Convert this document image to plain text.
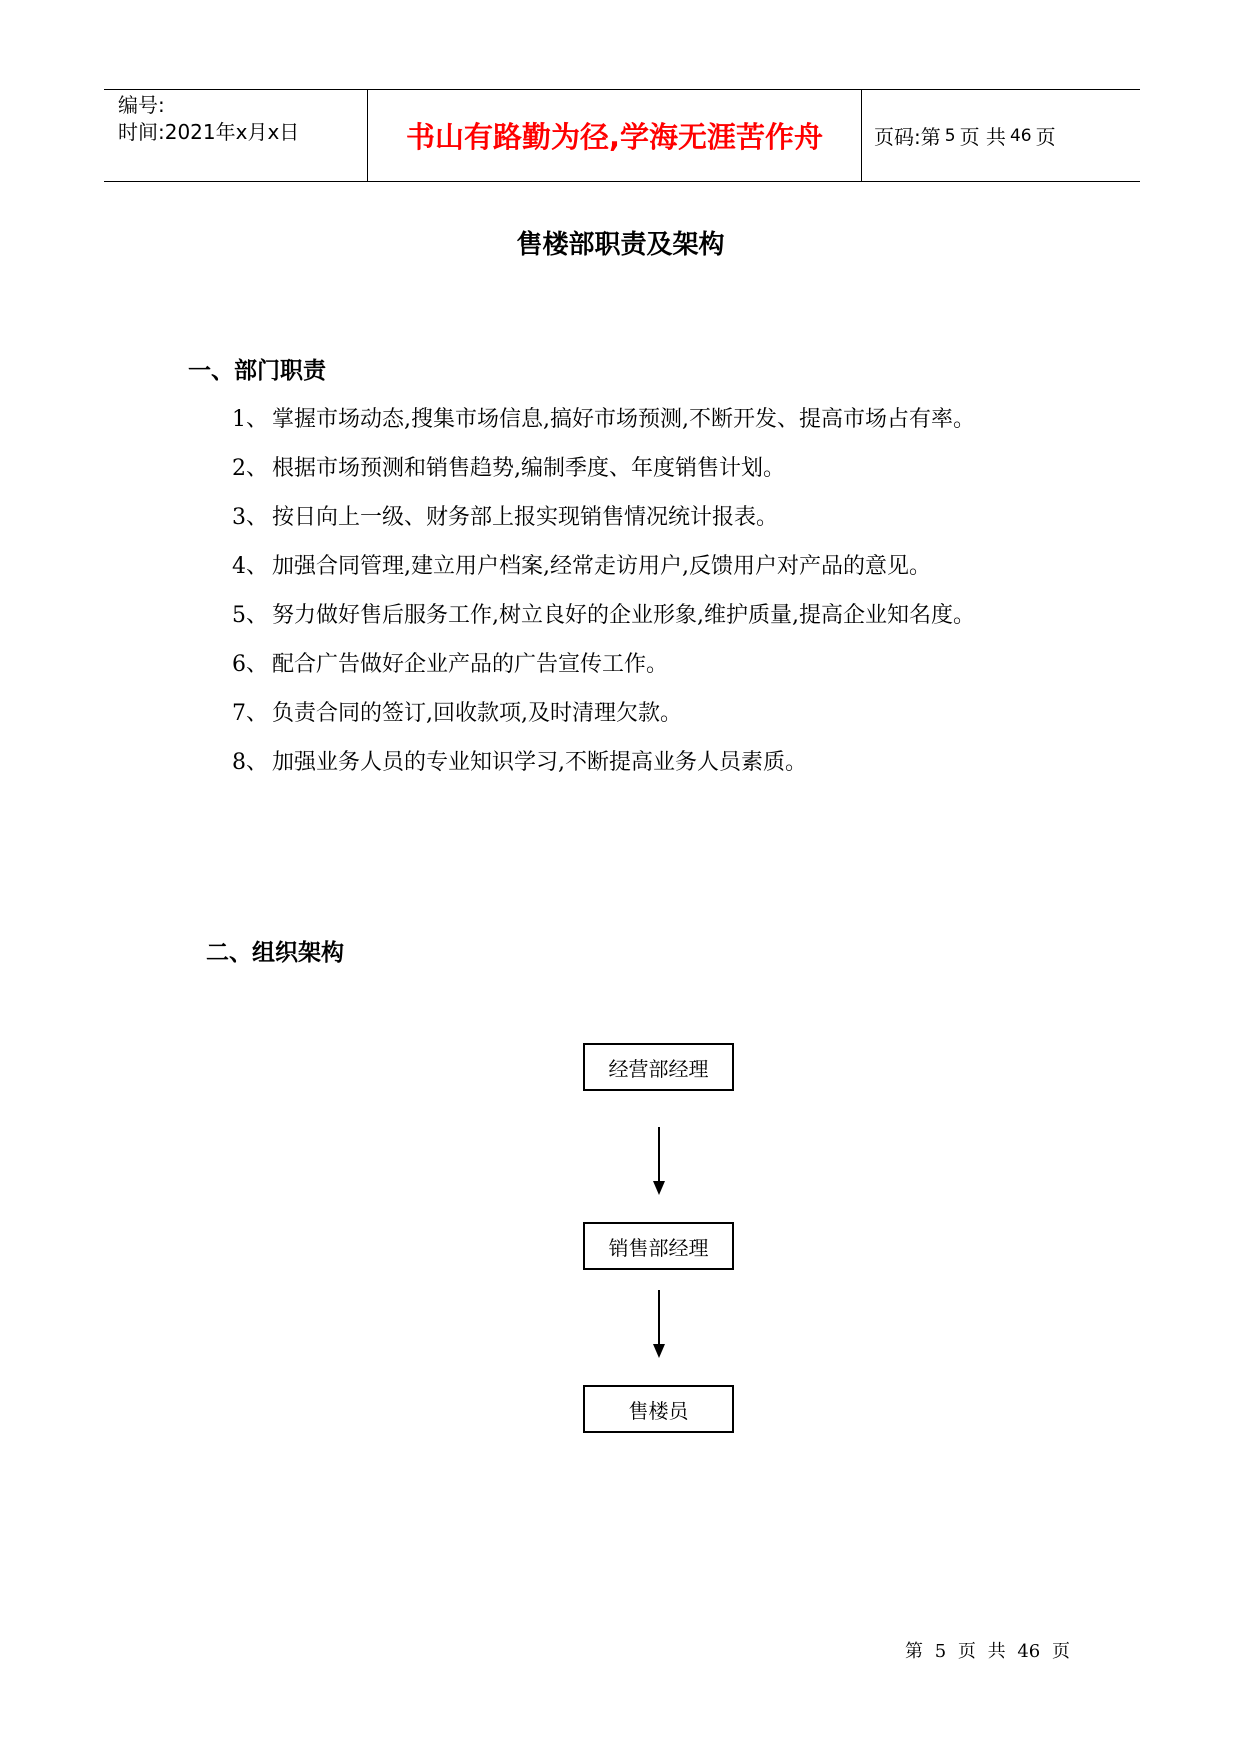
编号:
时间:2021年x月x日	书山有路勤为径,学海无涯苦作舟	页码:第 5 页 共 46 页
售楼部职责及架构
一、部门职责
1、 掌握市场动态,搜集市场信息,搞好市场预测,不断开发、提高市场占有率。
2、 根据市场预测和销售趋势,编制季度、年度销售计划。
3、 按日向上一级、财务部上报实现销售情况统计报表。
4、 加强合同管理,建立用户档案,经常走访用户,反馈用户对产品的意见。
5、 努力做好售后服务工作,树立良好的企业形象,维护质量,提高企业知名度。
6、 配合广告做好企业产品的广告宣传工作。
7、 负责合同的签订,回收款项,及时清理欠款。
8、 加强业务人员的专业知识学习,不断提高业务人员素质。
二、组织架构
经营部经理
销售部经理
售楼员
第 5 页 共 46 页
